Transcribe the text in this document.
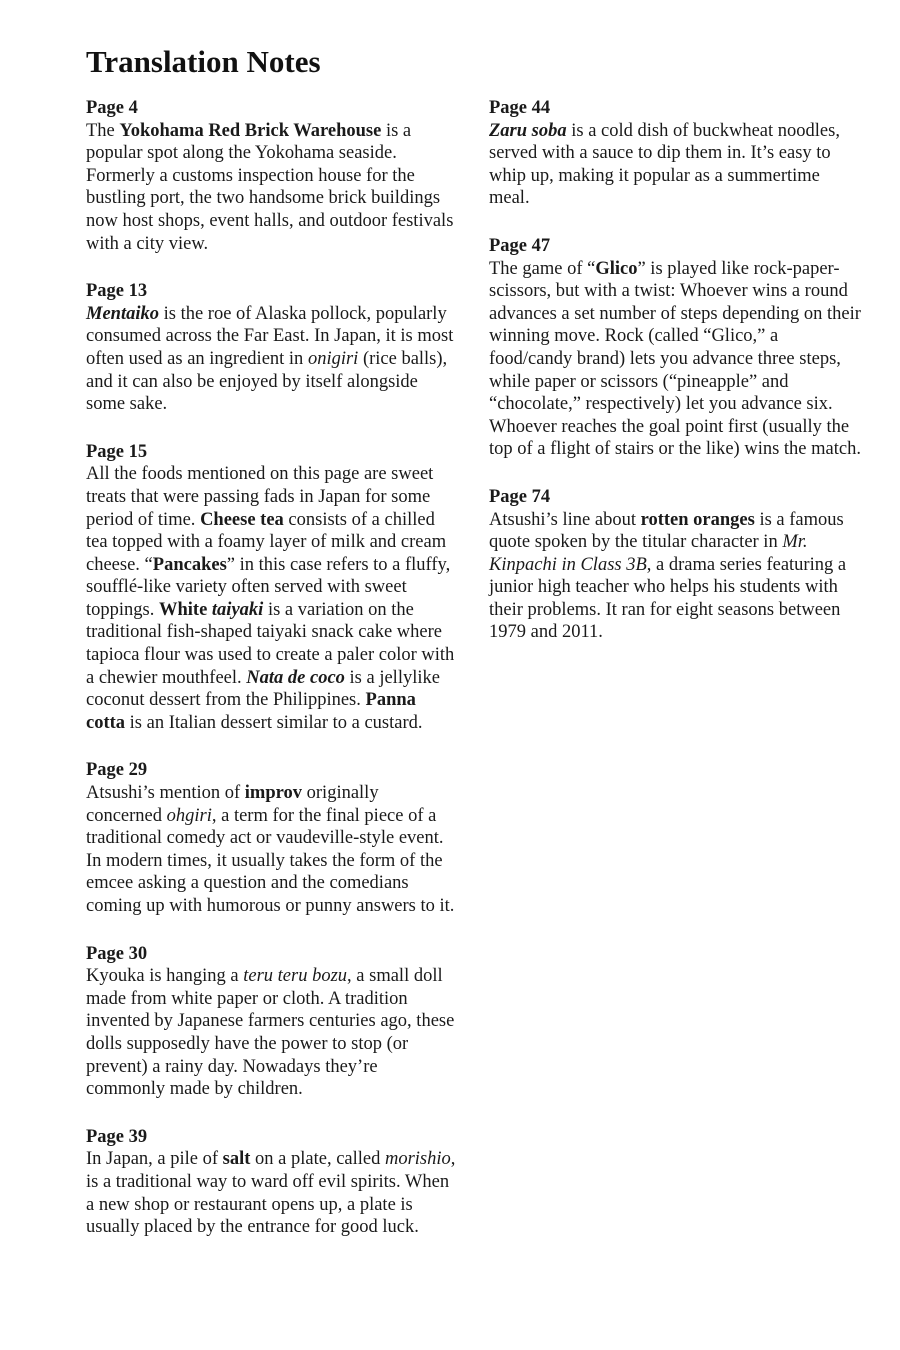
Translation Notes

Page 4

The Yokohama Red Brick Warehouse is a popular spot along the Yokohama seaside. Formerly a customs inspection house for the bustling port, the two handsome brick buildings now host shops, event halls, and outdoor festivals with a city view.

Page 13

Mentaiko is the roe of Alaska pollock, popularly consumed across the Far East. In Japan, it is most often used as an ingredient in onigiri (rice balls), and it can also be enjoyed by itself alongside some sake.

Page 15

All the foods mentioned on this page are sweet treats that were passing fads in Japan for some period of time. Cheese tea consists of a chilled tea topped with a foamy layer of milk and cream cheese. “Pancakes” in this case refers to a fluffy, soufflé-like variety often served with sweet toppings. White taiyaki is a variation on the traditional fish-shaped taiyaki snack cake where tapioca flour was used to create a paler color with a chewier mouthfeel. Nata de coco is a jellylike coconut dessert from the Philippines. Panna cotta is an Italian dessert similar to a custard.

Page 29

Atsushi’s mention of improv originally concerned ohgiri, a term for the final piece of a traditional comedy act or vaudeville-style event. In modern times, it usually takes the form of the emcee asking a question and the comedians coming up with humorous or punny answers to it.

Page 30

Kyouka is hanging a teru teru bozu, a small doll made from white paper or cloth. A tradition invented by Japanese farmers centuries ago, these dolls supposedly have the power to stop (or prevent) a rainy day. Nowadays they’re commonly made by children.

Page 39

In Japan, a pile of salt on a plate, called morishio, is a traditional way to ward off evil spirits. When a new shop or restaurant opens up, a plate is usually placed by the entrance for good luck.

Page 44

Zaru soba is a cold dish of buckwheat noodles, served with a sauce to dip them in. It’s easy to whip up, making it popular as a summertime meal.

Page 47

The game of “Glico” is played like rock-paper-scissors, but with a twist: Whoever wins a round advances a set number of steps depending on their winning move. Rock (called “Glico,” a food/candy brand) lets you advance three steps, while paper or scissors (“pineapple” and “chocolate,” respectively) let you advance six. Whoever reaches the goal point first (usually the top of a flight of stairs or the like) wins the match.

Page 74

Atsushi’s line about rotten oranges is a famous quote spoken by the titular character in Mr. Kinpachi in Class 3B, a drama series featuring a junior high teacher who helps his students with their problems. It ran for eight seasons between 1979 and 2011.
